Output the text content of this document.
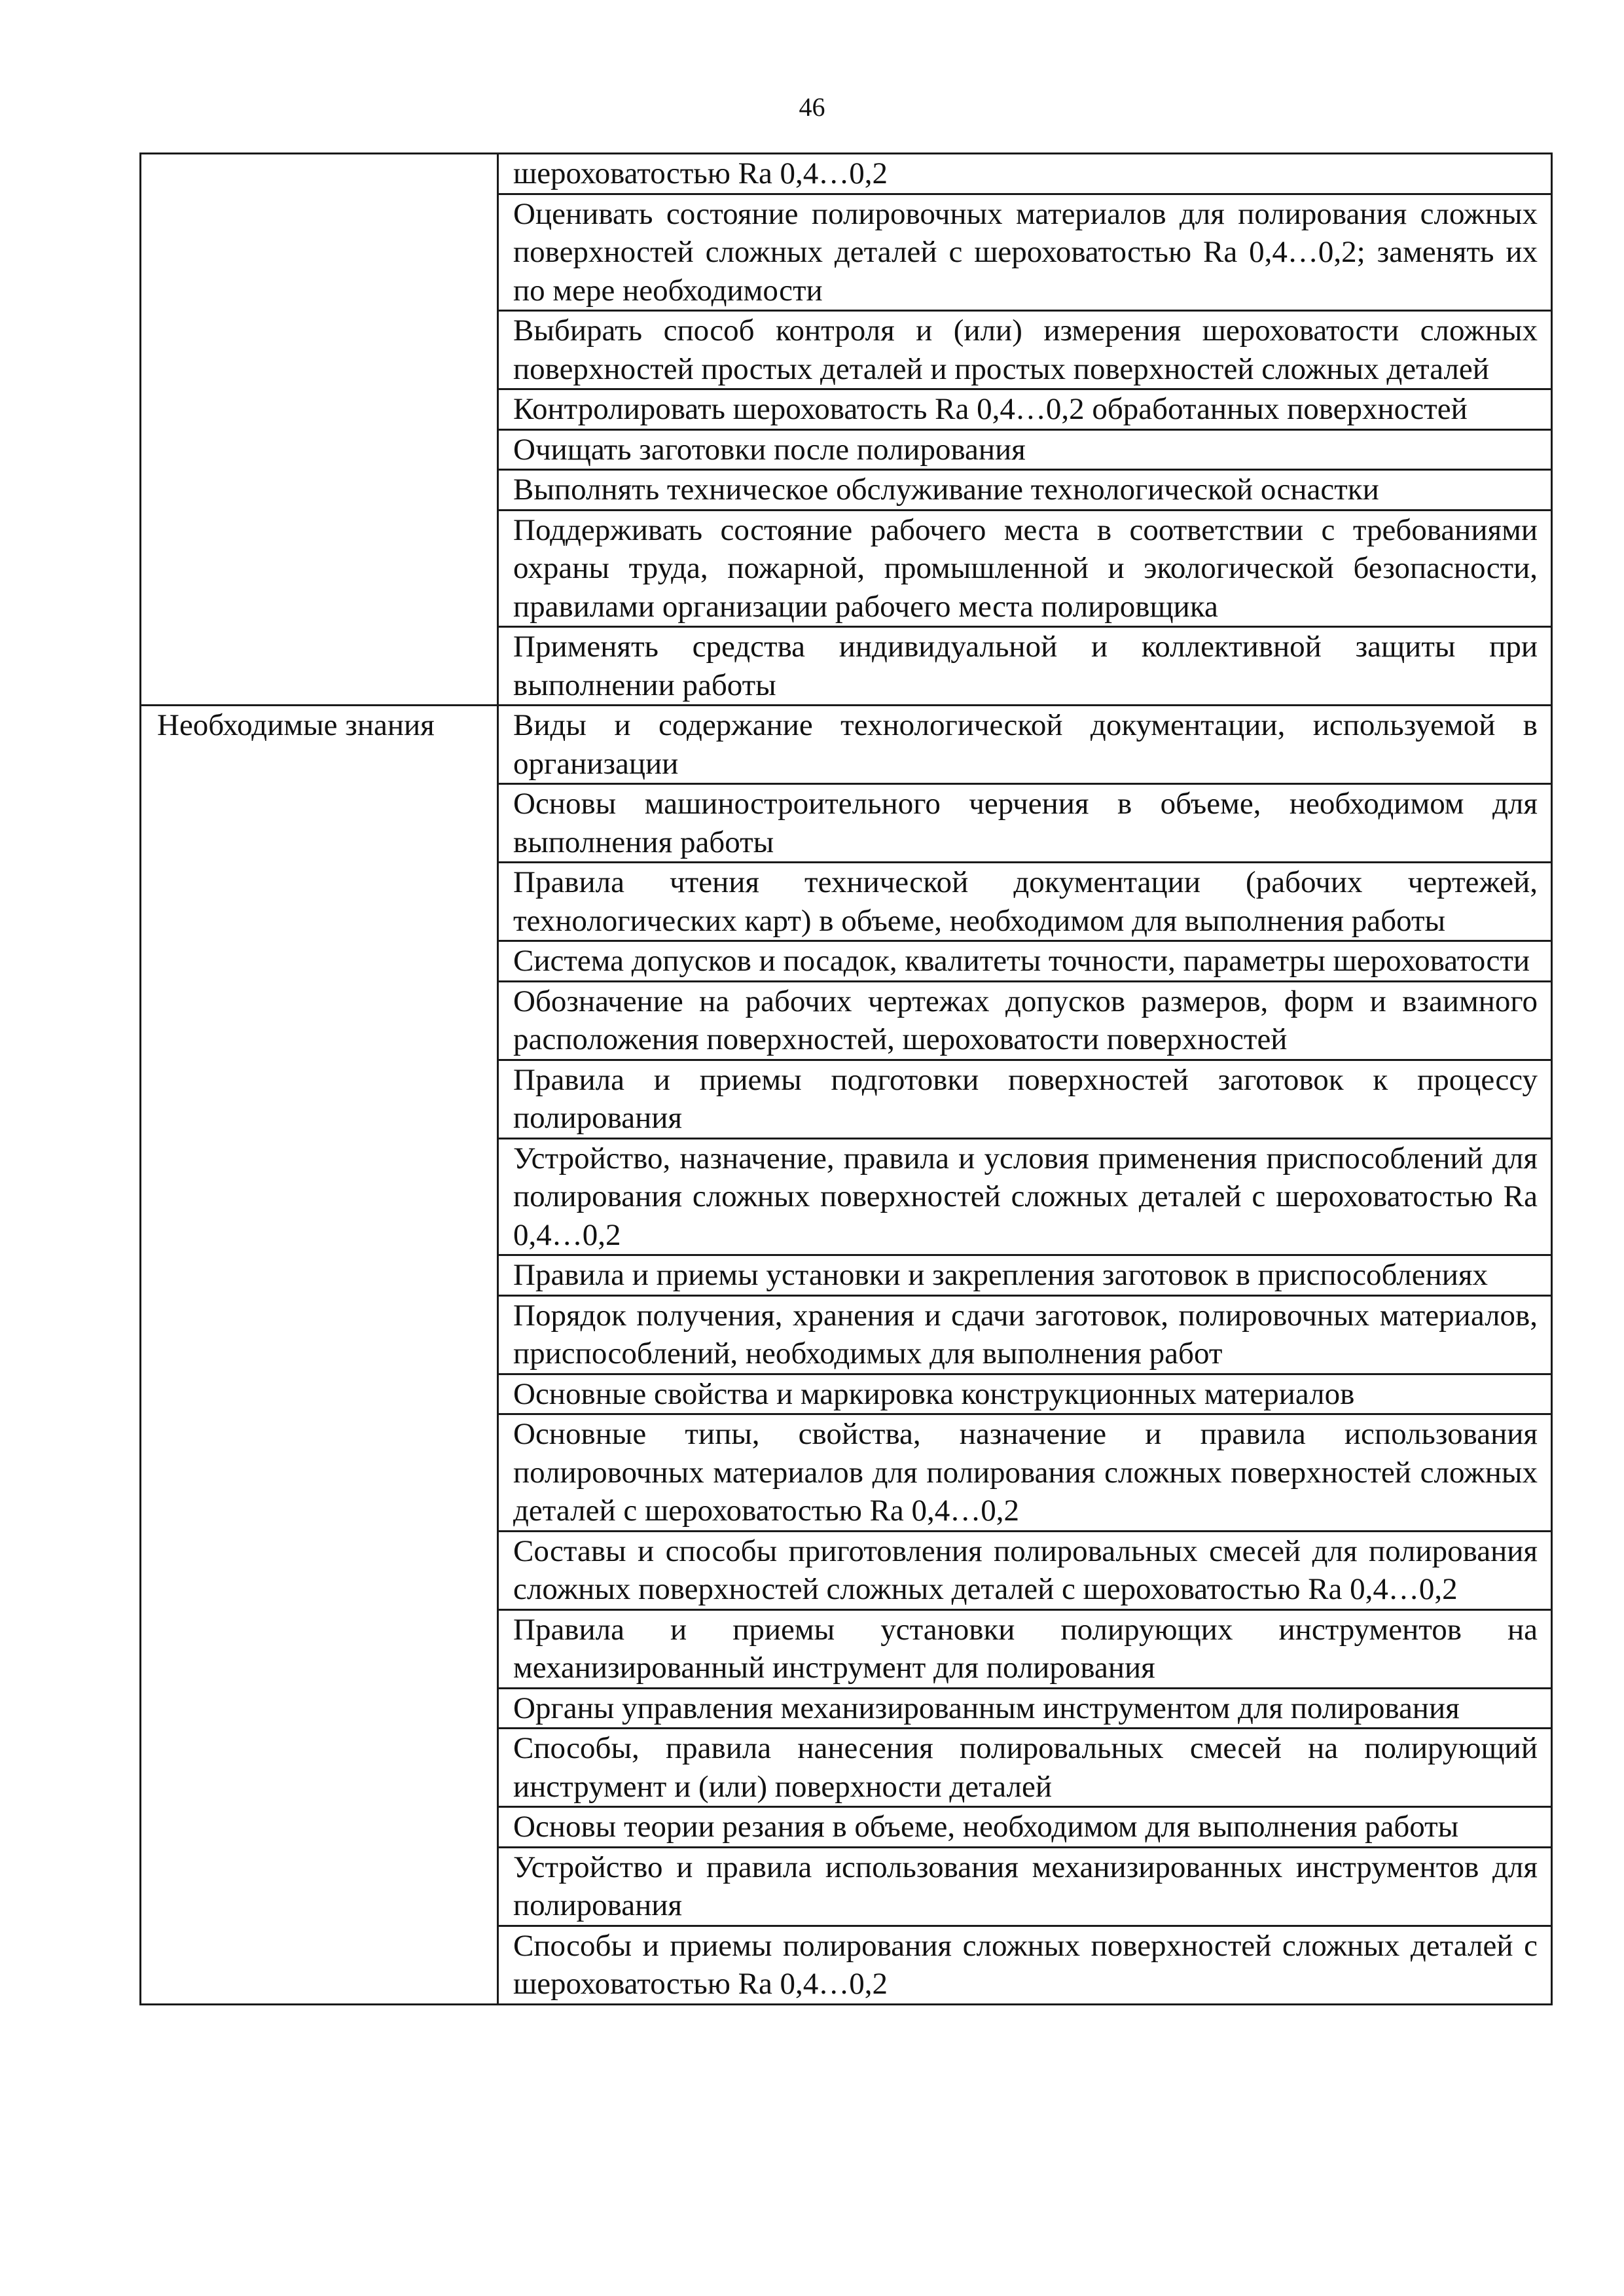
46
	шероховатостью Ra 0,4…0,2
	Оценивать состояние полировочных материалов для полирования сложных поверхностей сложных деталей с шероховатостью Ra 0,4…0,2; заменять их по мере необходимости
	Выбирать способ контроля и (или) измерения шероховатости сложных поверхностей простых деталей и простых поверхностей сложных деталей
	Контролировать шероховатость Ra 0,4…0,2 обработанных поверхностей
	Очищать заготовки после полирования
	Выполнять техническое обслуживание технологической оснастки
	Поддерживать состояние рабочего места в соответствии с требованиями охраны труда, пожарной, промышленной и экологической безопасности, правилами организации рабочего места полировщика
	Применять средства индивидуальной и коллективной защиты при выполнении работы
Необходимые знания	Виды и содержание технологической документации, используемой в организации
	Основы машиностроительного черчения в объеме, необходимом для выполнения работы
	Правила чтения технической документации (рабочих чертежей, технологических карт) в объеме, необходимом для выполнения работы
	Система допусков и посадок, квалитеты точности, параметры шероховатости
	Обозначение на рабочих чертежах допусков размеров, форм и взаимного расположения поверхностей, шероховатости поверхностей
	Правила и приемы подготовки поверхностей заготовок к процессу полирования
	Устройство, назначение, правила и условия применения приспособлений для полирования сложных поверхностей сложных деталей с шероховатостью Ra 0,4…0,2
	Правила и приемы установки и закрепления заготовок в приспособлениях
	Порядок получения, хранения и сдачи заготовок, полировочных материалов, приспособлений, необходимых для выполнения работ
	Основные свойства и маркировка конструкционных материалов
	Основные типы, свойства, назначение и правила использования полировочных материалов для полирования сложных поверхностей сложных деталей с шероховатостью Ra 0,4…0,2
	Составы и способы приготовления полировальных смесей для полирования сложных поверхностей сложных деталей с шероховатостью Ra 0,4…0,2
	Правила и приемы установки полирующих инструментов на механизированный инструмент для полирования
	Органы управления механизированным инструментом для полирования
	Способы, правила нанесения полировальных смесей на полирующий инструмент и (или) поверхности деталей
	Основы теории резания в объеме, необходимом для выполнения работы
	Устройство и правила использования механизированных инструментов для полирования
	Способы и приемы полирования сложных поверхностей сложных деталей с шероховатостью Ra 0,4…0,2
